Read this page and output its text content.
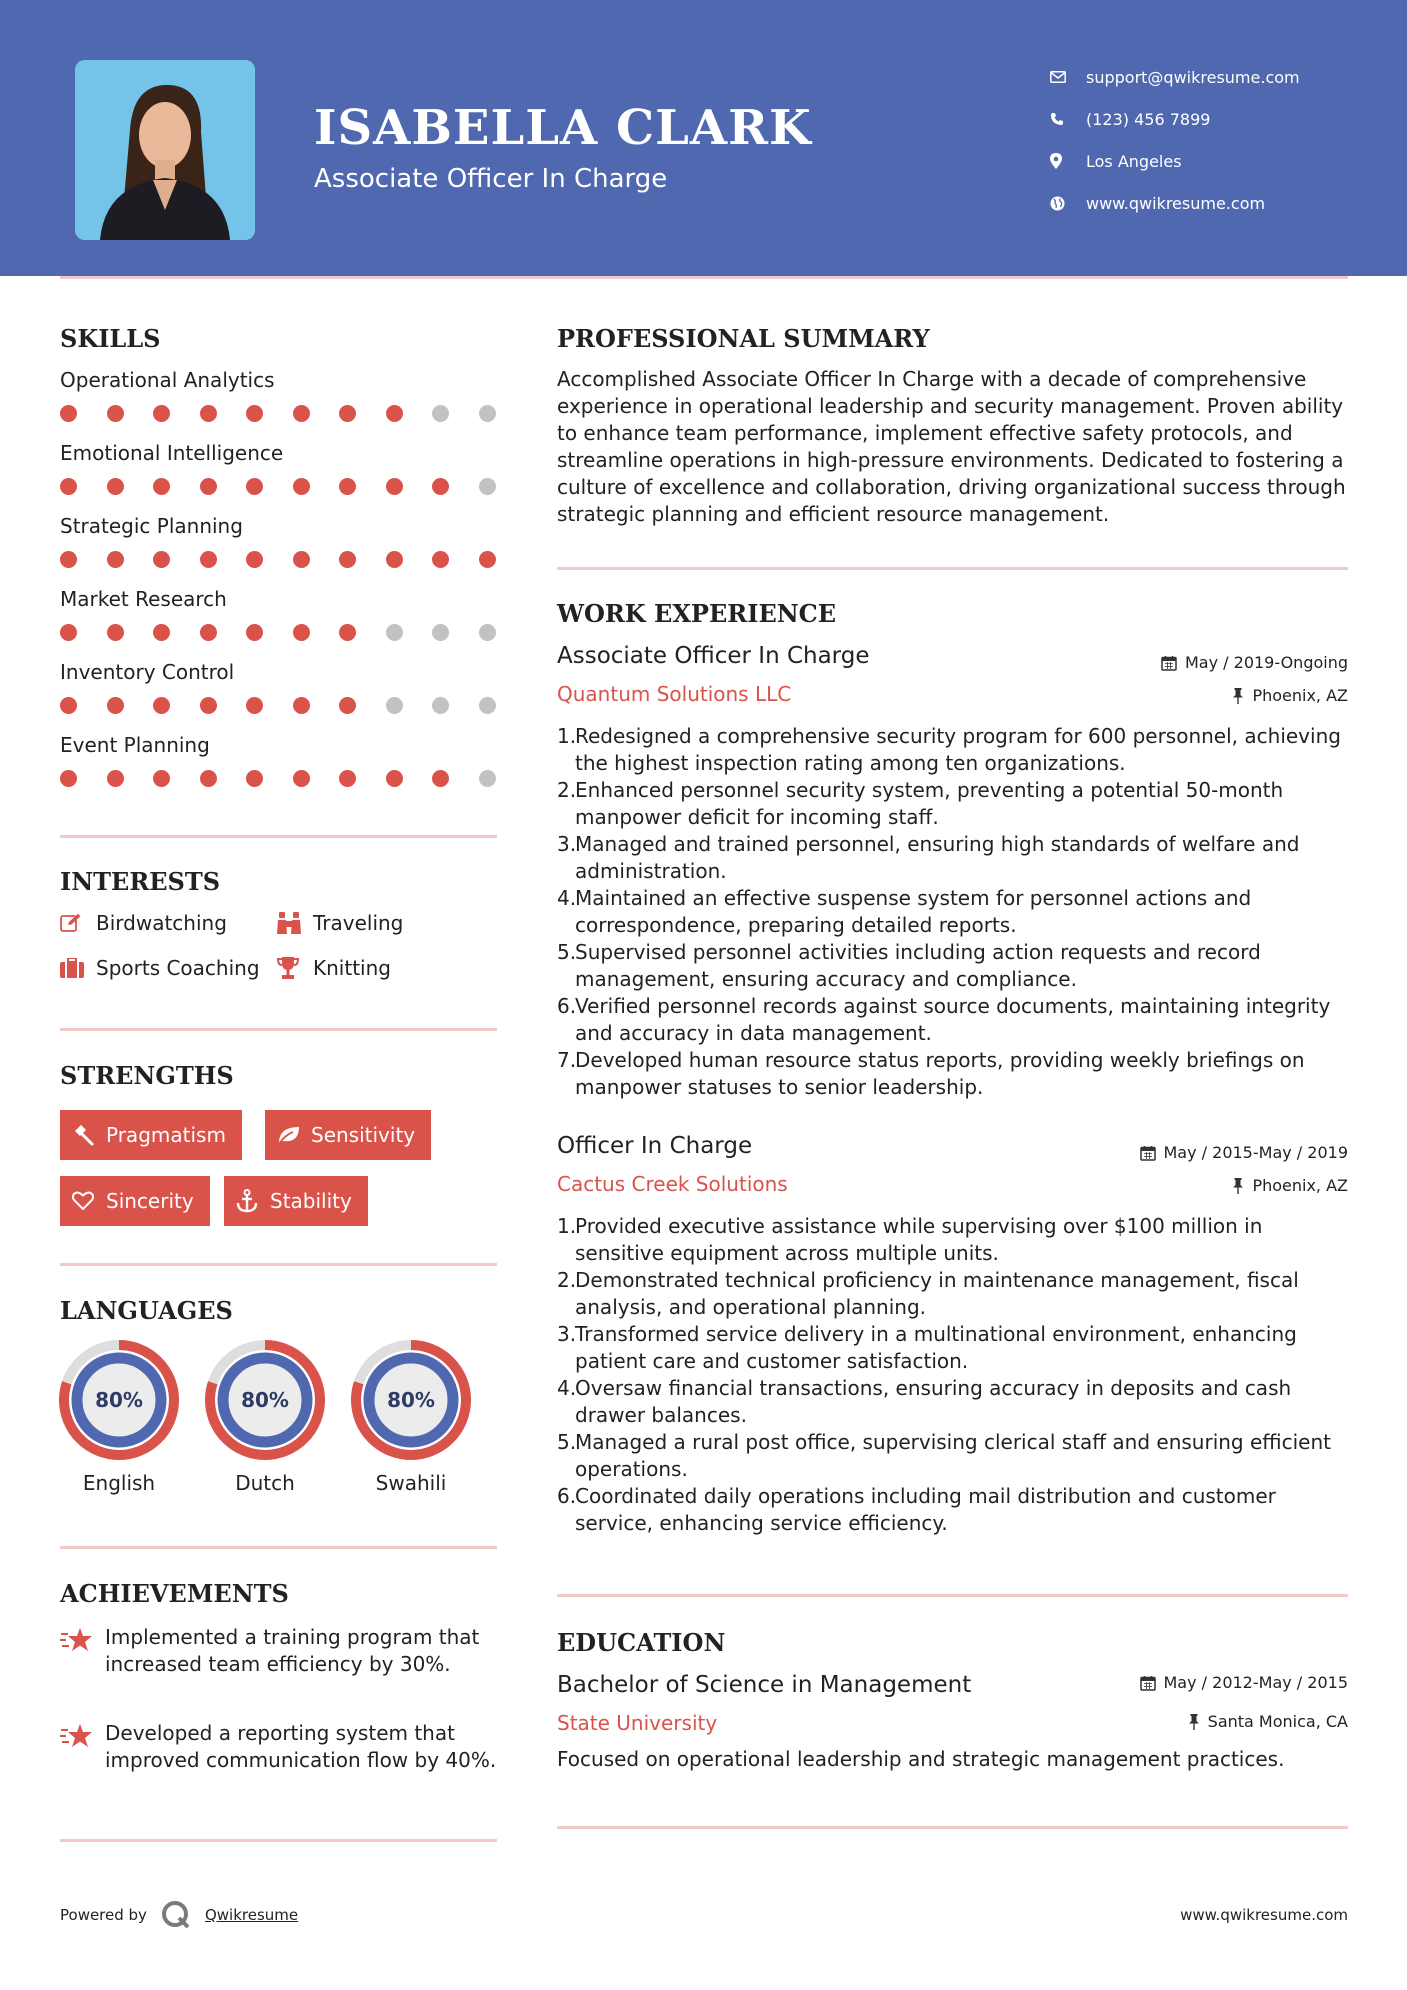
ISABELLA CLARK
Associate Officer In Charge
support@qwikresume.com
(123) 456 7899
Los Angeles
www.qwikresume.com
SKILLS
Operational Analytics
Emotional Intelligence
Strategic Planning
Market Research
Inventory Control
Event Planning
INTERESTS
Birdwatching	Traveling
Sports Coaching	Knitting
STRENGTHS
Pragmatism	Sensitivity
Sincerity	Stability
LANGUAGES
80%
English
80%
Dutch
80%
Swahili
ACHIEVEMENTS
Implemented a training program that increased team efficiency by 30%.
Developed a reporting system that improved communication flow by 40%.
PROFESSIONAL SUMMARY
Accomplished Associate Officer In Charge with a decade of comprehensive experience in operational leadership and security management. Proven ability to enhance team performance, implement effective safety protocols, and streamline operations in high-pressure environments. Dedicated to fostering a culture of excellence and collaboration, driving organizational success through strategic planning and efficient resource management.
WORK EXPERIENCE
Associate Officer In Charge	May / 2019-Ongoing
Quantum Solutions LLC	Phoenix, AZ
1.
Redesigned a comprehensive security program for 600 personnel, achieving the highest inspection rating among ten organizations.
2.
Enhanced personnel security system, preventing a potential 50-month manpower deficit for incoming staff.
3.
Managed and trained personnel, ensuring high standards of welfare and administration.
4.
Maintained an effective suspense system for personnel actions and correspondence, preparing detailed reports.
5.
Supervised personnel activities including action requests and record management, ensuring accuracy and compliance.
6.
Verified personnel records against source documents, maintaining integrity and accuracy in data management.
7.
Developed human resource status reports, providing weekly briefings on manpower statuses to senior leadership.
Officer In Charge	May / 2015-May / 2019
Cactus Creek Solutions	Phoenix, AZ
1.
Provided executive assistance while supervising over $100 million in sensitive equipment across multiple units.
2.
Demonstrated technical proficiency in maintenance management, fiscal analysis, and operational planning.
3.
Transformed service delivery in a multinational environment, enhancing patient care and customer satisfaction.
4.
Oversaw financial transactions, ensuring accuracy in deposits and cash drawer balances.
5.
Managed a rural post office, supervising clerical staff and ensuring efficient operations.
6.
Coordinated daily operations including mail distribution and customer service, enhancing service efficiency.
EDUCATION
Bachelor of Science in Management	May / 2012-May / 2015
State University	Santa Monica, CA
Focused on operational leadership and strategic management practices.
Powered by	Qwikresume	www.qwikresume.com
